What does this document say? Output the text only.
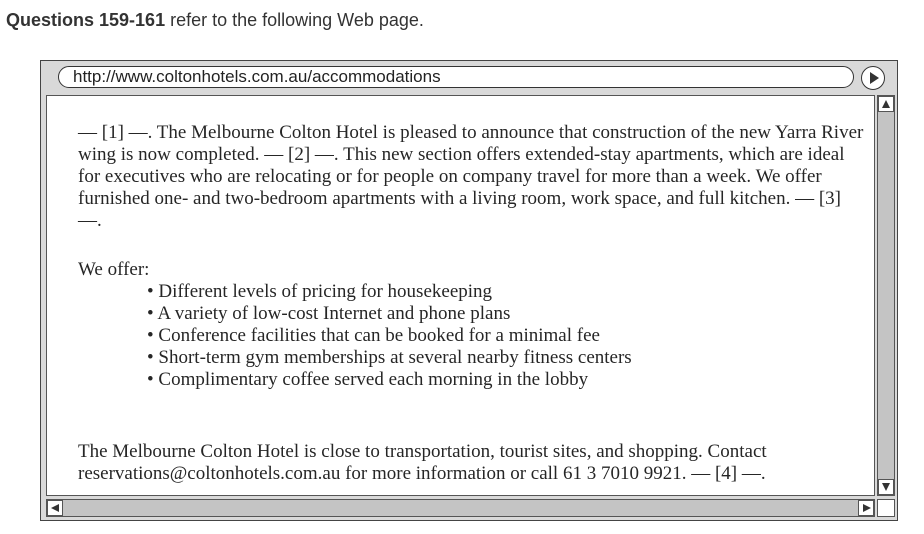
Questions 159-161 refer to the following Web page.
http://www.coltonhotels.com.au/accommodations

— [1] —. The Melbourne Colton Hotel is pleased to announce that construction of the new Yarra River wing is now completed. — [2] —. This new section offers extended-stay apartments, which are ideal for executives who are relocating or for people on company travel for more than a week. We offer furnished one- and two-bedroom apartments with a living room, work space, and full kitchen. — [3] —.

We offer:

• Different levels of pricing for housekeeping
• A variety of low-cost Internet and phone plans
• Conference facilities that can be booked for a minimal fee
• Short-term gym memberships at several nearby fitness centers
• Complimentary coffee served each morning in the lobby

The Melbourne Colton Hotel is close to transportation, tourist sites, and shopping. Contact reservations@coltonhotels.com.au for more information or call 61 3 7010 9921. — [4] —.
